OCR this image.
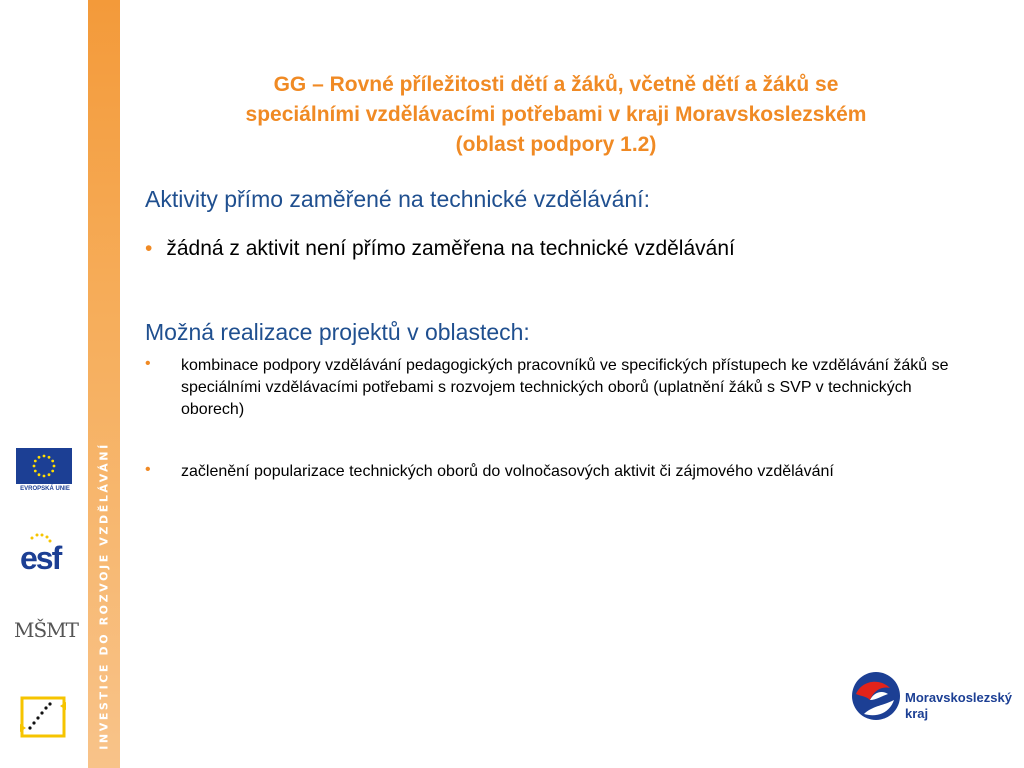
INVESTICE DO ROZVOJE VZDĚLÁVÁNÍ
EVROPSKÁ UNIE
esf
MŠMT
GG – Rovné příležitosti dětí a žáků, včetně dětí a žáků se
speciálními vzdělávacími potřebami v kraji Moravskoslezském
(oblast podpory 1.2)
Aktivity přímo zaměřené na technické vzdělávání:
• žádná z aktivit není přímo zaměřena na technické vzdělávání
Možná realizace projektů v oblastech:
• kombinace podpory vzdělávání pedagogických pracovníků ve specifických přístupech ke vzdělávání žáků se speciálními vzdělávacími potřebami s rozvojem technických oborů (uplatnění žáků s SVP v technických oborech)
• začlenění popularizace technických oborů do volnočasových aktivit či zájmového vzdělávání
Moravskoslezský
kraj
